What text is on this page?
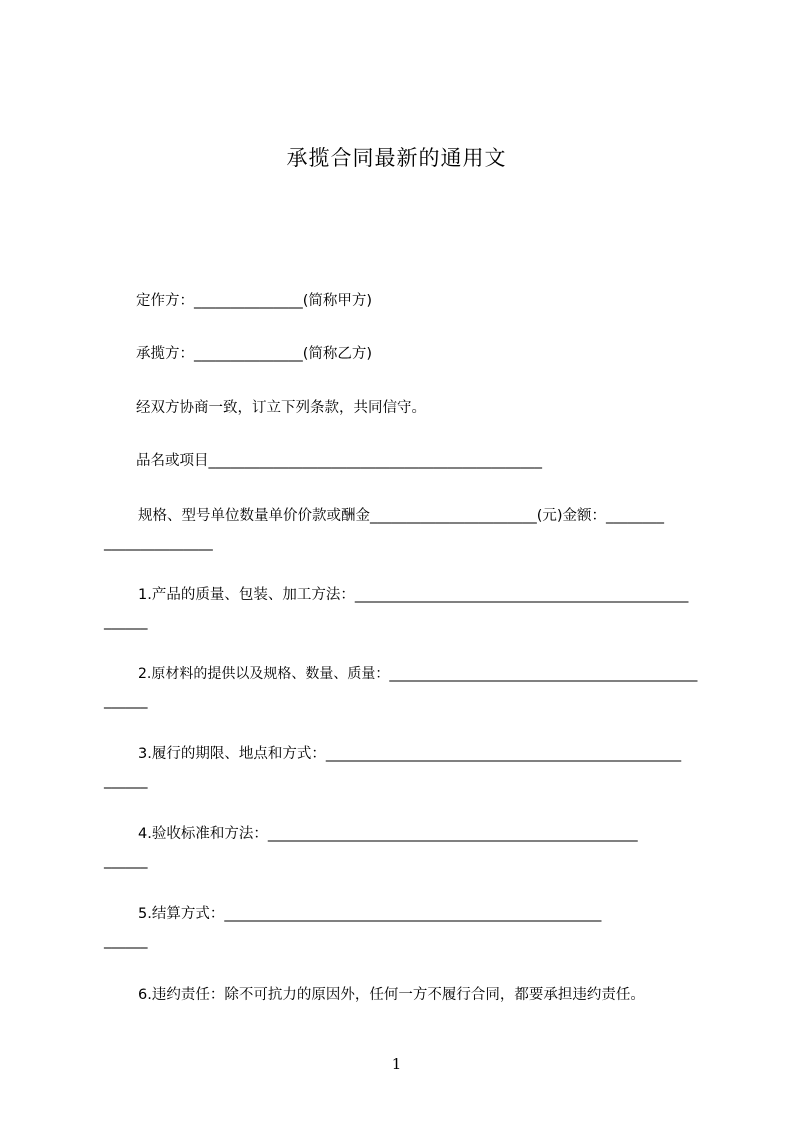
承揽合同最新的通用文
定作方：_______________(简称甲方)
承揽方：_______________(简称乙方)
经双方协商一致，订立下列条款，共同信守。
品名或项目______________________________________________
规格、型号单位数量单价价款或酬金_______________________(元)金额：________
_______________
1.产品的质量、包装、加工方法：______________________________________________
______
2.原材料的提供以及规格、数量、质量：____________________________________________
______
3.履行的期限、地点和方式：_________________________________________________
______
4.验收标准和方法：___________________________________________________
______
5.结算方式：____________________________________________________
______
6.违约责任：除不可抗力的原因外，任何一方不履行合同，都要承担违约责任。
1
